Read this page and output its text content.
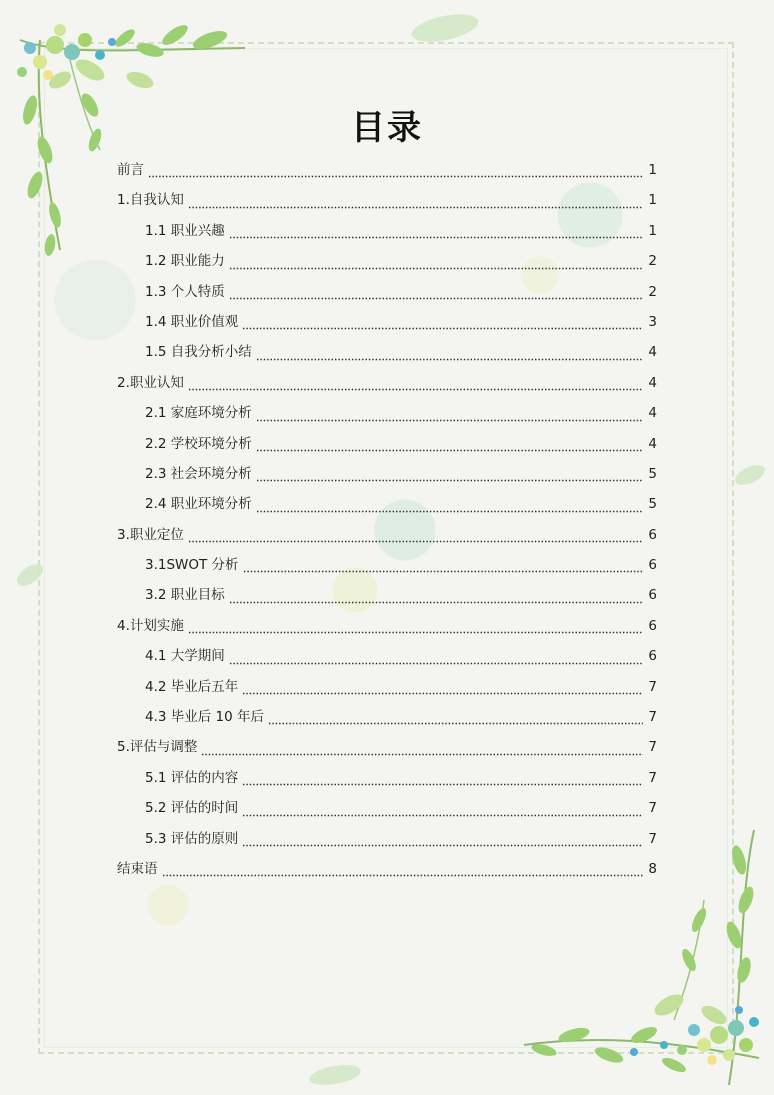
目录
前言	1
1.自我认知	1
1.1 职业兴趣	1
1.2 职业能力	2
1.3 个人特质	2
1.4 职业价值观	3
1.5 自我分析小结	4
2.职业认知	4
2.1 家庭环境分析	4
2.2 学校环境分析	4
2.3 社会环境分析	5
2.4 职业环境分析	5
3.职业定位	6
3.1SWOT 分析	6
3.2 职业目标	6
4.计划实施	6
4.1 大学期间	6
4.2 毕业后五年	7
4.3 毕业后 10 年后	7
5.评估与调整	7
5.1 评估的内容	7
5.2 评估的时间	7
5.3 评估的原则	7
结束语	8
